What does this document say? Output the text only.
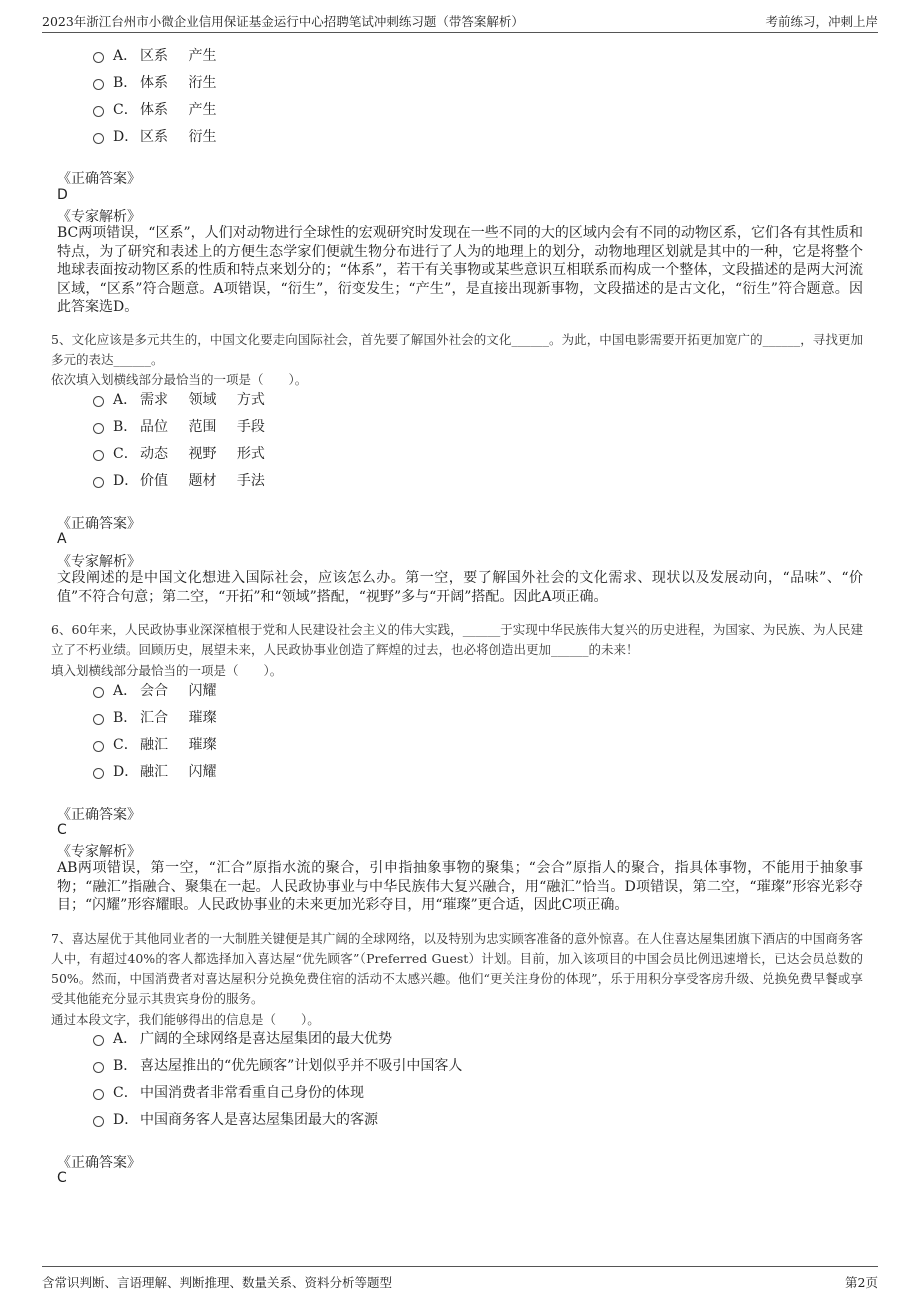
2023年浙江台州市小微企业信用保证基金运行中心招聘笔试冲刺练习题（带答案解析）	考前练习，冲刺上岸
A． 区系 产生
B． 体系 洐生
C． 体系 产生
D． 区系 衍生
《正确答案》
D
《专家解析》
BC两项错误，“区系”，人们对动物进行全球性的宏观研究时发现在一些不同的大的区域内会有不同的动物区系，它们各有其性质和特点，为了研究和表述上的方便生态学家们便就生物分布进行了人为的地理上的划分，动物地理区划就是其中的一种，它是将整个地球表面按动物区系的性质和特点来划分的；“体系”，若干有关事物或某些意识互相联系而构成一个整体，文段描述的是两大河流区域，“区系”符合题意。A项错误，“衍生”，衍变发生；“产生”，是直接出现新事物，文段描述的是古文化，“衍生”符合题意。因此答案选D。
5、文化应该是多元共生的，中国文化要走向国际社会，首先要了解国外社会的文化______。为此，中国电影需要开拓更加宽广的______，寻找更加多元的表达______。
依次填入划横线部分最恰当的一项是（　　）。
A． 需求 领域 方式
B． 品位 范围 手段
C． 动态 视野 形式
D． 价值 题材 手法
《正确答案》
A
《专家解析》
文段阐述的是中国文化想进入国际社会，应该怎么办。第一空，要了解国外社会的文化需求、现状以及发展动向，“品味”、“价值”不符合句意；第二空，“开拓”和“领域”搭配，“视野”多与“开阔”搭配。因此A项正确。
6、60年来，人民政协事业深深植根于党和人民建设社会主义的伟大实践，______于实现中华民族伟大复兴的历史进程，为国家、为民族、为人民建立了不朽业绩。回顾历史，展望未来，人民政协事业创造了辉煌的过去，也必将创造出更加______的未来！
填入划横线部分最恰当的一项是（　　）。
A． 会合 闪耀
B． 汇合 璀璨
C． 融汇 璀璨
D． 融汇 闪耀
《正确答案》
C
《专家解析》
AB两项错误，第一空，“汇合”原指水流的聚合，引申指抽象事物的聚集；“会合”原指人的聚合，指具体事物，不能用于抽象事物；“融汇”指融合、聚集在一起。人民政协事业与中华民族伟大复兴融合，用“融汇”恰当。D项错误，第二空，“璀璨”形容光彩夺目；“闪耀”形容耀眼。人民政协事业的未来更加光彩夺目，用“璀璨”更合适，因此C项正确。
7、喜达屋优于其他同业者的一大制胜关键便是其广阔的全球网络，以及特别为忠实顾客准备的意外惊喜。在人住喜达屋集团旗下酒店的中国商务客人中，有超过40%的客人都选择加入喜达屋“优先顾客”（Preferred Guest）计划。目前，加入该项目的中国会员比例迅速增长，已达会员总数的50%。然而，中国消费者对喜达屋积分兑换免费住宿的活动不太感兴趣。他们“更关注身份的体现”，乐于用积分享受客房升级、兑换免费早餐或享受其他能充分显示其贵宾身份的服务。
通过本段文字，我们能够得出的信息是（　　）。
A． 广阔的全球网络是喜达屋集团的最大优势
B． 喜达屋推出的“优先顾客”计划似乎并不吸引中国客人
C． 中国消费者非常看重自己身份的体现
D． 中国商务客人是喜达屋集团最大的客源
《正确答案》
C
含常识判断、言语理解、判断推理、数量关系、资料分析等题型	第2页
